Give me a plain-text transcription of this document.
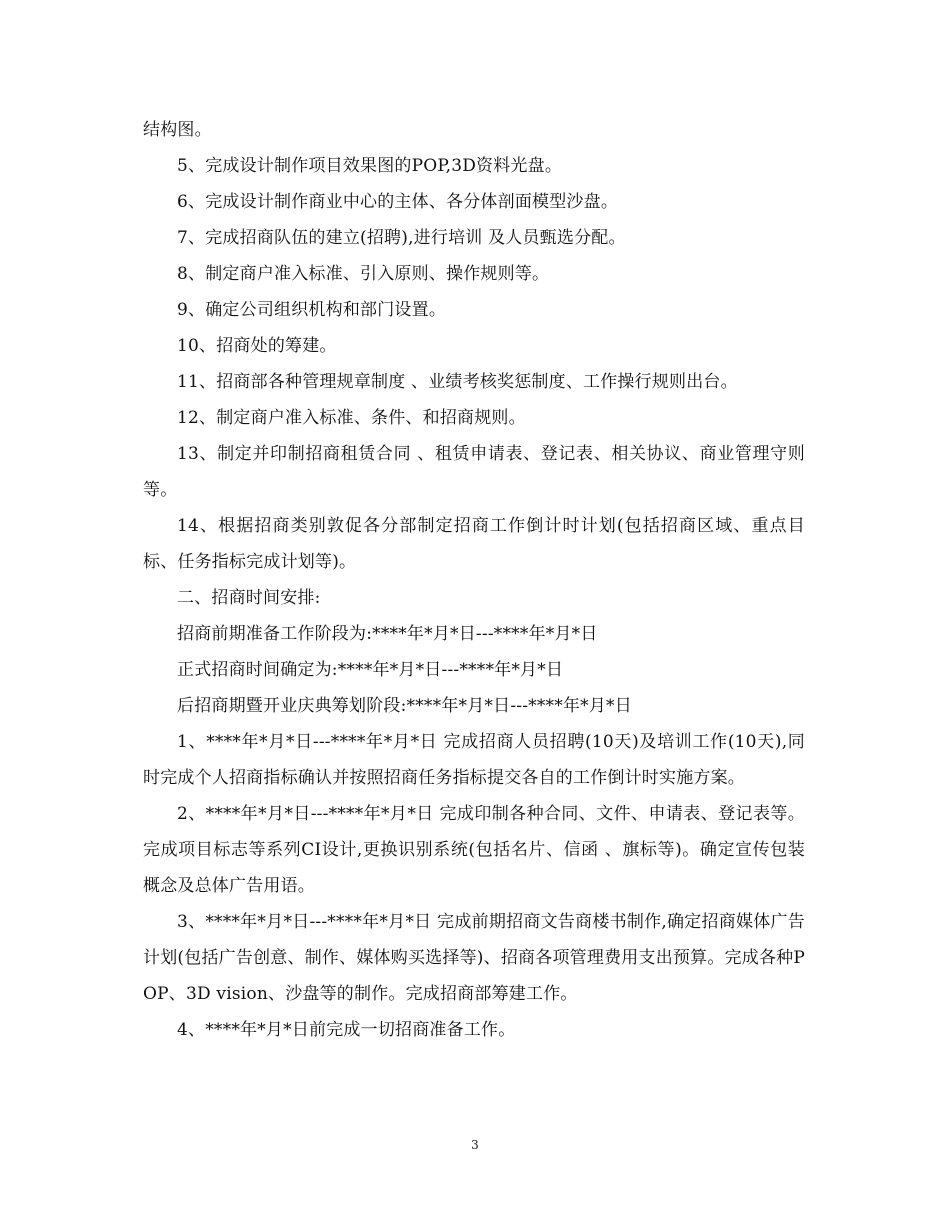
结构图。

5、完成设计制作项目效果图的POP,3D资料光盘。

6、完成设计制作商业中心的主体、各分体剖面模型沙盘。

7、完成招商队伍的建立(招聘),进行培训 及人员甄选分配。

8、制定商户准入标准、引入原则、操作规则等。

9、确定公司组织机构和部门设置。

10、招商处的筹建。

11、招商部各种管理规章制度 、业绩考核奖惩制度、工作操行规则出台。

12、制定商户准入标准、条件、和招商规则。

13、制定并印制招商租赁合同 、租赁申请表、登记表、相关协议、商业管理守则等。

14、根据招商类别敦促各分部制定招商工作倒计时计划(包括招商区域、重点目标、任务指标完成计划等)。

二、招商时间安排:

招商前期准备工作阶段为:****年*月*日---****年*月*日

正式招商时间确定为:****年*月*日---****年*月*日

后招商期暨开业庆典筹划阶段:****年*月*日---****年*月*日

1、****年*月*日---****年*月*日 完成招商人员招聘(10天)及培训工作(10天),同时完成个人招商指标确认并按照招商任务指标提交各自的工作倒计时实施方案。

2、****年*月*日---****年*月*日 完成印制各种合同、文件、申请表、登记表等。完成项目标志等系列CI设计,更换识别系统(包括名片、信函 、旗标等)。确定宣传包装概念及总体广告用语。

3、****年*月*日---****年*月*日 完成前期招商文告商楼书制作,确定招商媒体广告计划(包括广告创意、制作、媒体购买选择等)、招商各项管理费用支出预算。完成各种POP、3D vision、沙盘等的制作。完成招商部筹建工作。

4、****年*月*日前完成一切招商准备工作。

3
